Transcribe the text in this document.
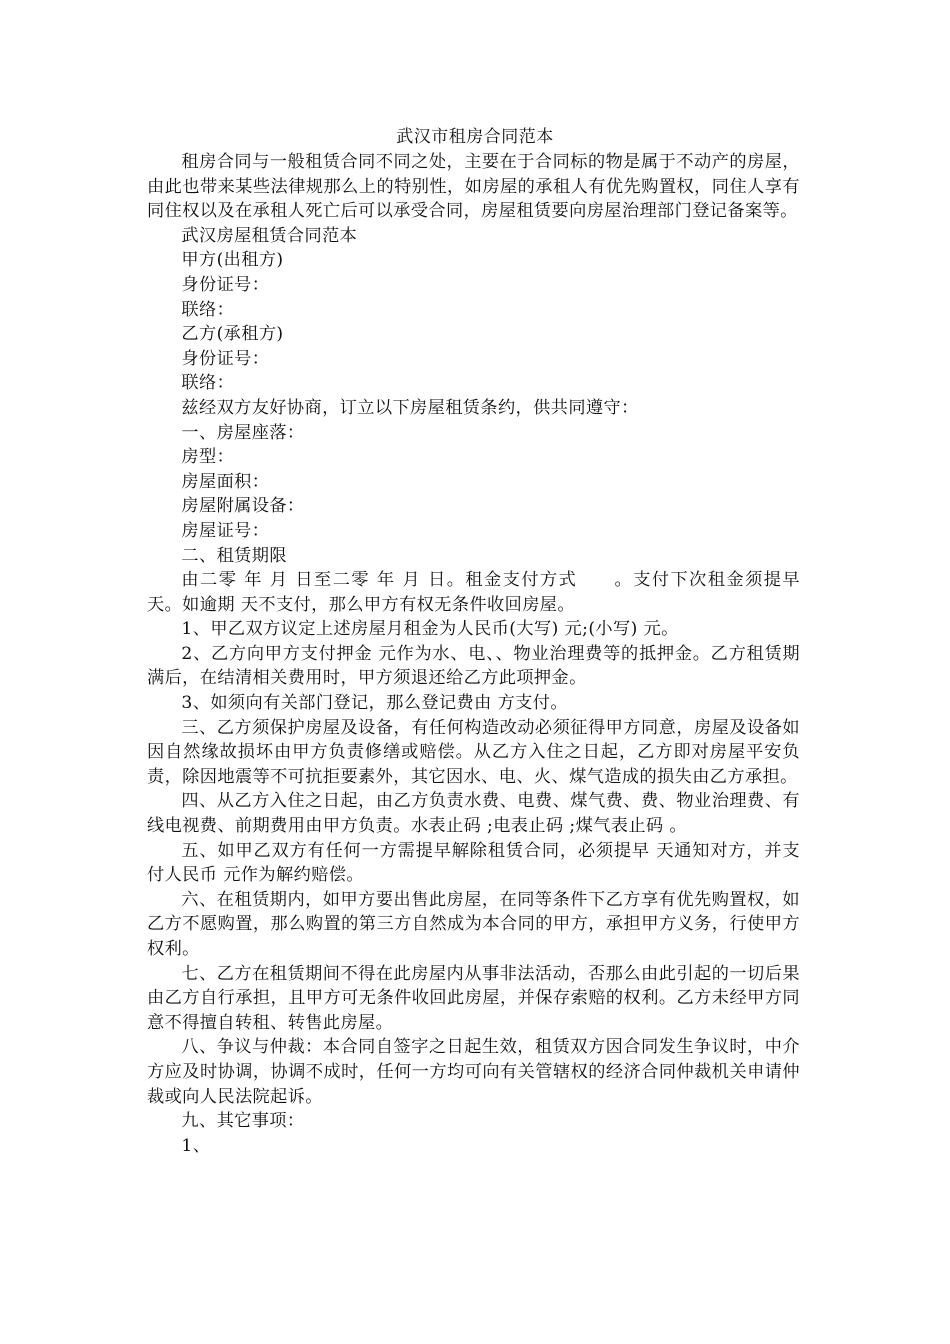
武汉市租房合同范本

租房合同与一般租赁合同不同之处，主要在于合同标的物是属于不动产的房屋，由此也带来某些法律规那么上的特别性，如房屋的承租人有优先购置权，同住人享有同住权以及在承租人死亡后可以承受合同，房屋租赁要向房屋治理部门登记备案等。

武汉房屋租赁合同范本

甲方(出租方)

身份证号：

联络：

乙方(承租方)

身份证号：

联络：

兹经双方友好协商，订立以下房屋租赁条约，供共同遵守：

一、房屋座落：

房型：

房屋面积：

房屋附属设备：

房屋证号：

二、租赁期限

由二零 年 月 日至二零 年 月 日。租金支付方式　　。支付下次租金须提早 天。如逾期 天不支付，那么甲方有权无条件收回房屋。

1、甲乙双方议定上述房屋月租金为人民币(大写) 元;(小写) 元。

2、乙方向甲方支付押金 元作为水、电、、物业治理费等的抵押金。乙方租赁期满后，在结清相关费用时，甲方须退还给乙方此项押金。

3、如须向有关部门登记，那么登记费由 方支付。

三、乙方须保护房屋及设备，有任何构造改动必须征得甲方同意，房屋及设备如因自然缘故损坏由甲方负责修缮或赔偿。从乙方入住之日起，乙方即对房屋平安负责，除因地震等不可抗拒要素外，其它因水、电、火、煤气造成的损失由乙方承担。

四、从乙方入住之日起，由乙方负责水费、电费、煤气费、费、物业治理费、有线电视费、前期费用由甲方负责。水表止码 ;电表止码 ;煤气表止码 。

五、如甲乙双方有任何一方需提早解除租赁合同，必须提早 天通知对方，并支付人民币 元作为解约赔偿。

六、在租赁期内，如甲方要出售此房屋，在同等条件下乙方享有优先购置权，如乙方不愿购置，那么购置的第三方自然成为本合同的甲方，承担甲方义务，行使甲方权利。

七、乙方在租赁期间不得在此房屋内从事非法活动，否那么由此引起的一切后果由乙方自行承担，且甲方可无条件收回此房屋，并保存索赔的权利。乙方未经甲方同意不得擅自转租、转售此房屋。

八、争议与仲裁：本合同自签字之日起生效，租赁双方因合同发生争议时，中介方应及时协调，协调不成时，任何一方均可向有关管辖权的经济合同仲裁机关申请仲裁或向人民法院起诉。

九、其它事项：

1、
